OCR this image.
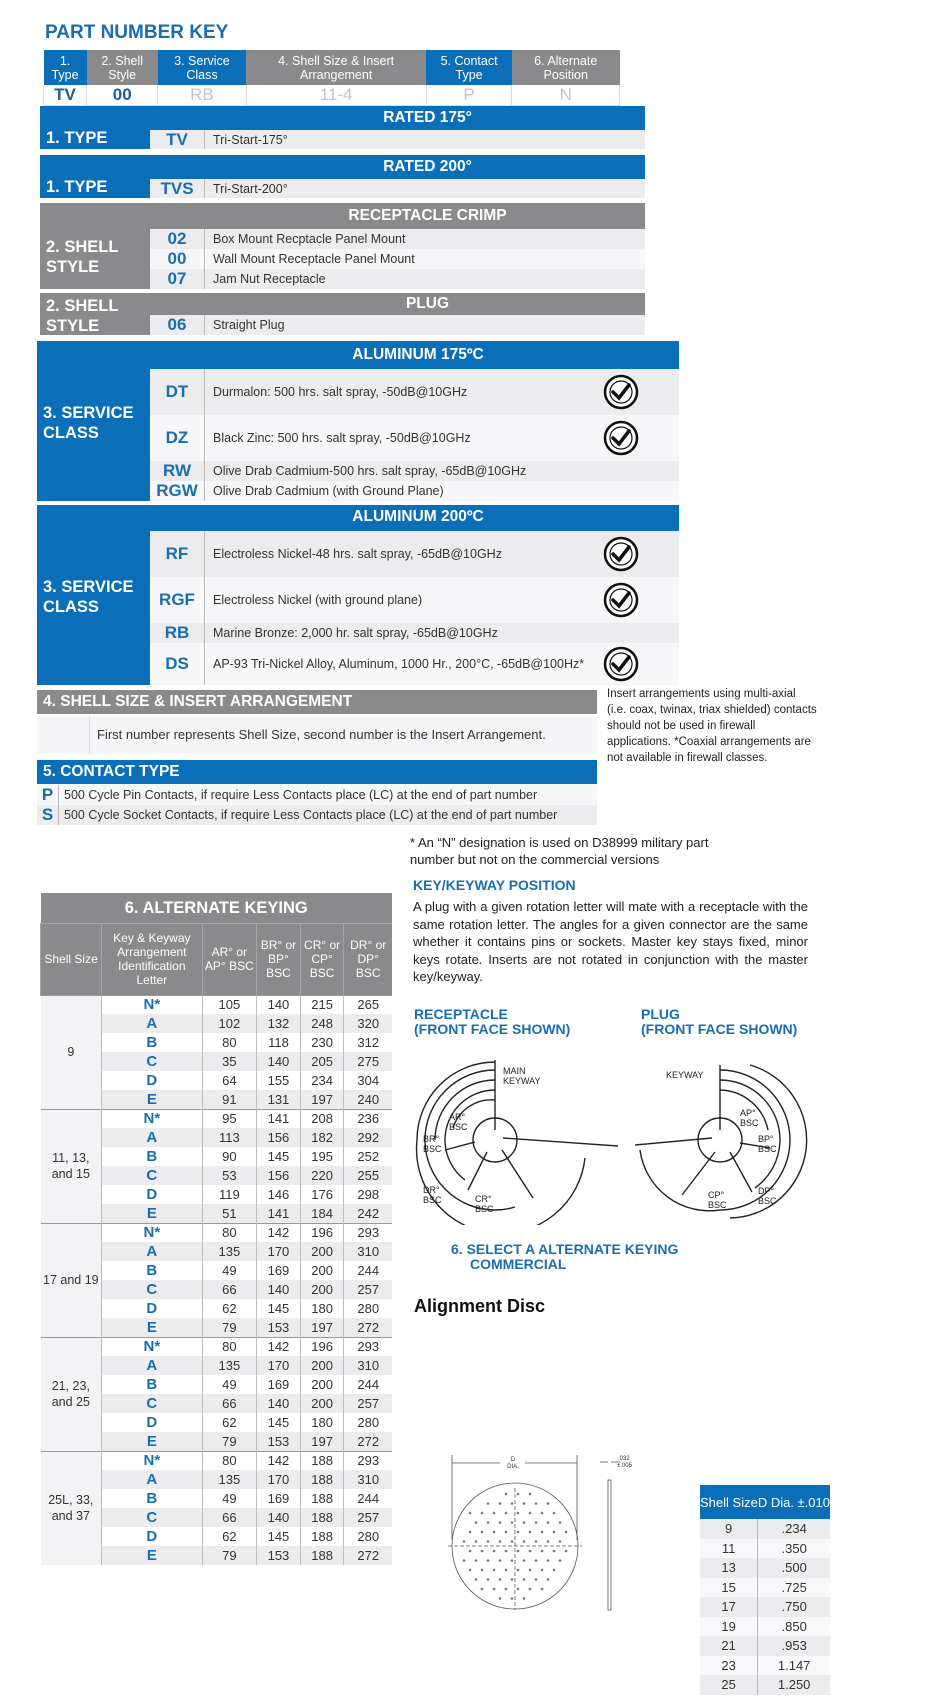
PART NUMBER KEY
1. Type	2. Shell Style	3. Service Class	4. Shell Size & Insert Arrangement	5. Contact Type	6. Alternate Position
TV	00	RB	11-4	P	N
RATED 175°
1. TYPE	TV	Tri-Start-175°
RATED 200°
1. TYPE	TVS	Tri-Start-200°
RECEPTACLE CRIMP
2. SHELL
STYLE
02	Box Mount Recptacle Panel Mount
00	Wall Mount Receptacle Panel Mount
07	Jam Nut Receptacle
PLUG
2. SHELL
STYLE	06	Straight Plug
ALUMINUM 175ºC
3. SERVICE
CLASS
DT	Durmalon: 500 hrs. salt spray, -50dB@10GHz
DZ	Black Zinc: 500 hrs. salt spray, -50dB@10GHz
RW	Olive Drab Cadmium-500 hrs. salt spray, -65dB@10GHz
RGW	Olive Drab Cadmium (with Ground Plane)
ALUMINUM 200ºC
3. SERVICE
CLASS
RF	Electroless Nickel-48 hrs. salt spray, -65dB@10GHz
RGF	Electroless Nickel (with ground plane)
RB	Marine Bronze: 2,000 hr. salt spray, -65dB@10GHz
DS	AP-93 Tri-Nickel Alloy, Aluminum, 1000 Hr., 200°C, -65dB@100Hz*
4. SHELL SIZE & INSERT ARRANGEMENT
First number represents Shell Size, second number is the Insert Arrangement.
Insert arrangements using multi-axial (i.e. coax, twinax, triax shielded) contacts should not be used in firewall applications. *Coaxial arrangements are not available in firewall classes.
5. CONTACT TYPE
P 500 Cycle Pin Contacts, if require Less Contacts place (LC) at the end of part number
S 500 Cycle Socket Contacts, if require Less Contacts place (LC) at the end of part number
6. ALTERNATE KEYING					
Shell Size	Key & Keyway Arrangement Identification Letter	AR° or AP° BSC	BR° or BP° BSC	CR° or CP° BSC	DR° or DP° BSC
9	N*	105	140	215	265
	A	102	132	248	320
	B	80	118	230	312
	C	35	140	205	275
	D	64	155	234	304
	E	91	131	197	240
11, 13, and 15	N*	95	141	208	236
	A	113	156	182	292
	B	90	145	195	252
	C	53	156	220	255
	D	119	146	176	298
	E	51	141	184	242
17 and 19	N*	80	142	196	293
	A	135	170	200	310
	B	49	169	200	244
	C	66	140	200	257
	D	62	145	180	280
	E	79	153	197	272
21, 23, and 25	N*	80	142	196	293
	A	135	170	200	310
	B	49	169	200	244
	C	66	140	200	257
	D	62	145	180	280
	E	79	153	197	272
25L, 33, and 37	N*	80	142	188	293
	A	135	170	188	310
	B	49	169	188	244
	C	66	140	188	257
	D	62	145	188	280
	E	79	153	188	272
* An “N” designation is used on D38999 military part number but not on the commercial versions
KEY/KEYWAY POSITION
A plug with a given rotation letter will mate with a receptacle with the same rotation letter. The angles for a given connector are the same whether it contains pins or sockets. Master key stays fixed, minor keys rotate. Inserts are not rotated in conjunction with the master key/keyway.
RECEPTACLE
(FRONT FACE SHOWN)
MAIN
KEYWAY
AR°
BSC
BR°
BSC
DR°
BSC	CR°
BSC
PLUG
(FRONT FACE SHOWN)
KEYWAY
AP°
BSC
BP°
BSC
CP°
BSC
DP°
BSC
6. SELECT A ALTERNATE KEYING
COMMERCIAL
Alignment Disc
D
DIA.
.032
±.005
Shell Size	D Dia. ±.010
9	.234
11	.350
13	.500
15	.725
17	.750
19	.850
21	.953
23	1.147
25	1.250
